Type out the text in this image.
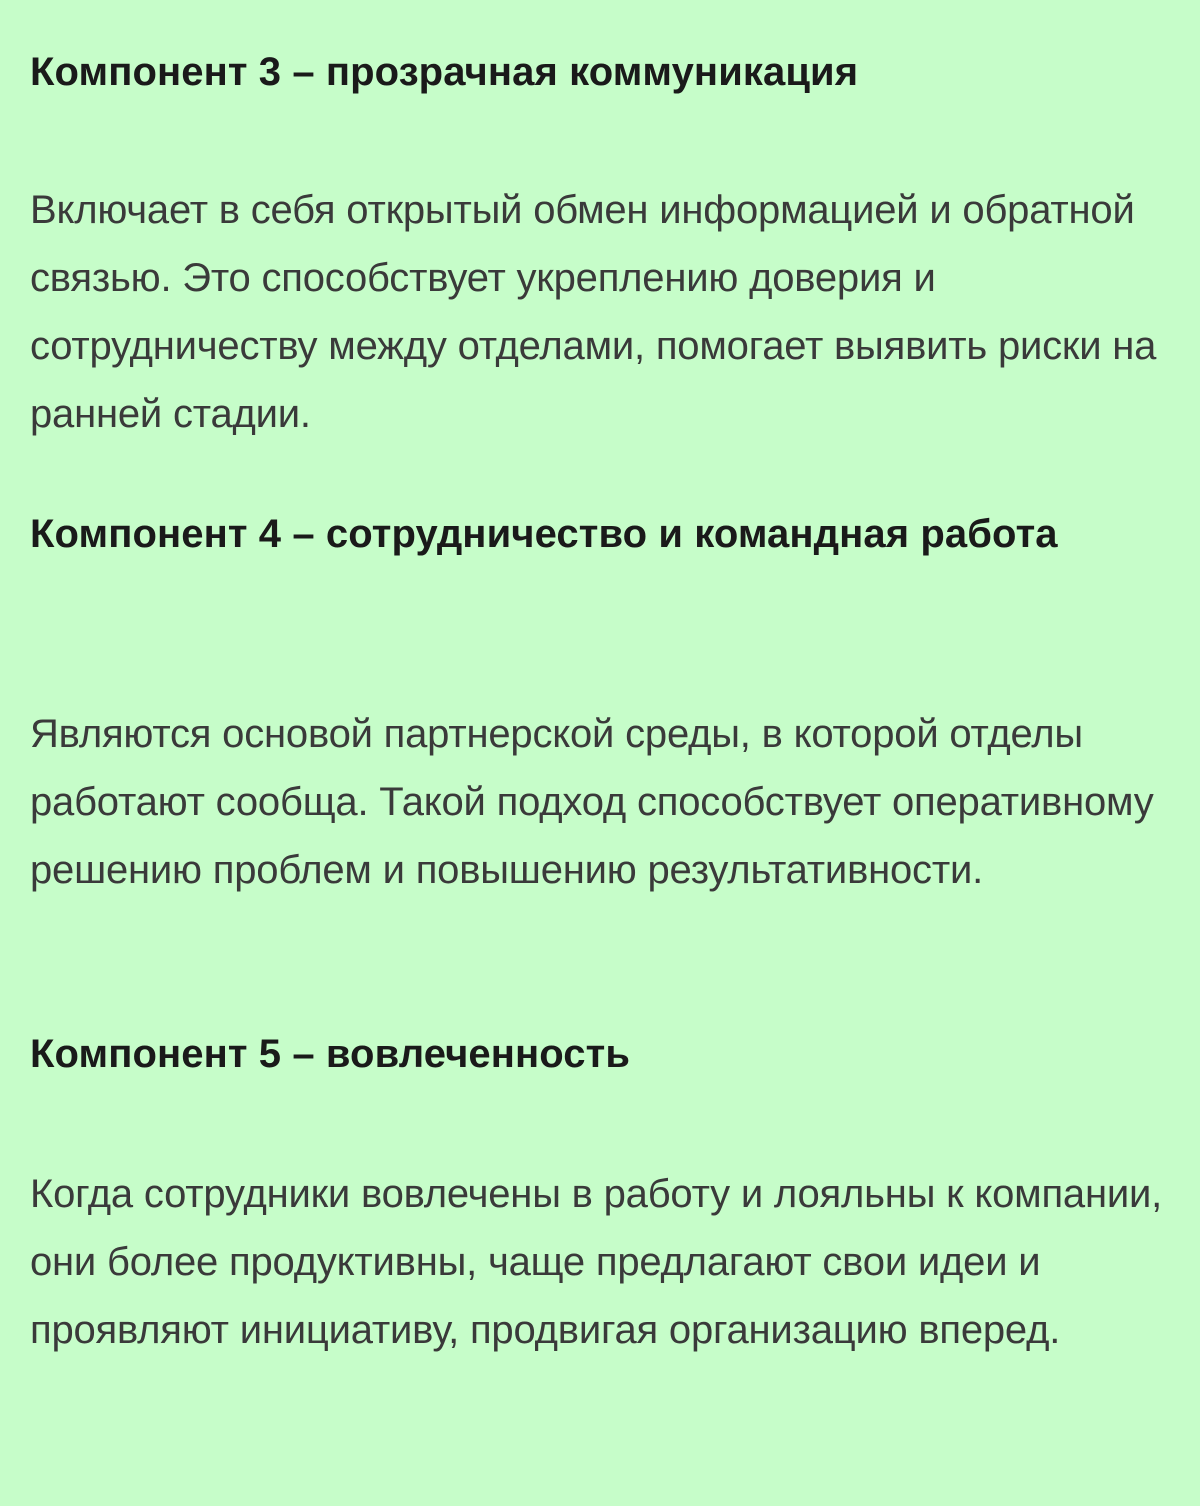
Компонент 3 – прозрачная коммуникация

Включает в себя открытый обмен информацией и обратной связью. Это способствует укреплению доверия и сотрудничеству между отделами, помогает выявить риски на ранней стадии.

Компонент 4 – сотрудничество и командная работа

Являются основой партнерской среды, в которой отделы работают сообща. Такой подход способствует оперативному решению проблем и повышению результативности.

Компонент 5 – вовлеченность

Когда сотрудники вовлечены в работу и лояльны к компании, они более продуктивны, чаще предлагают свои идеи и проявляют инициативу, продвигая организацию вперед.
